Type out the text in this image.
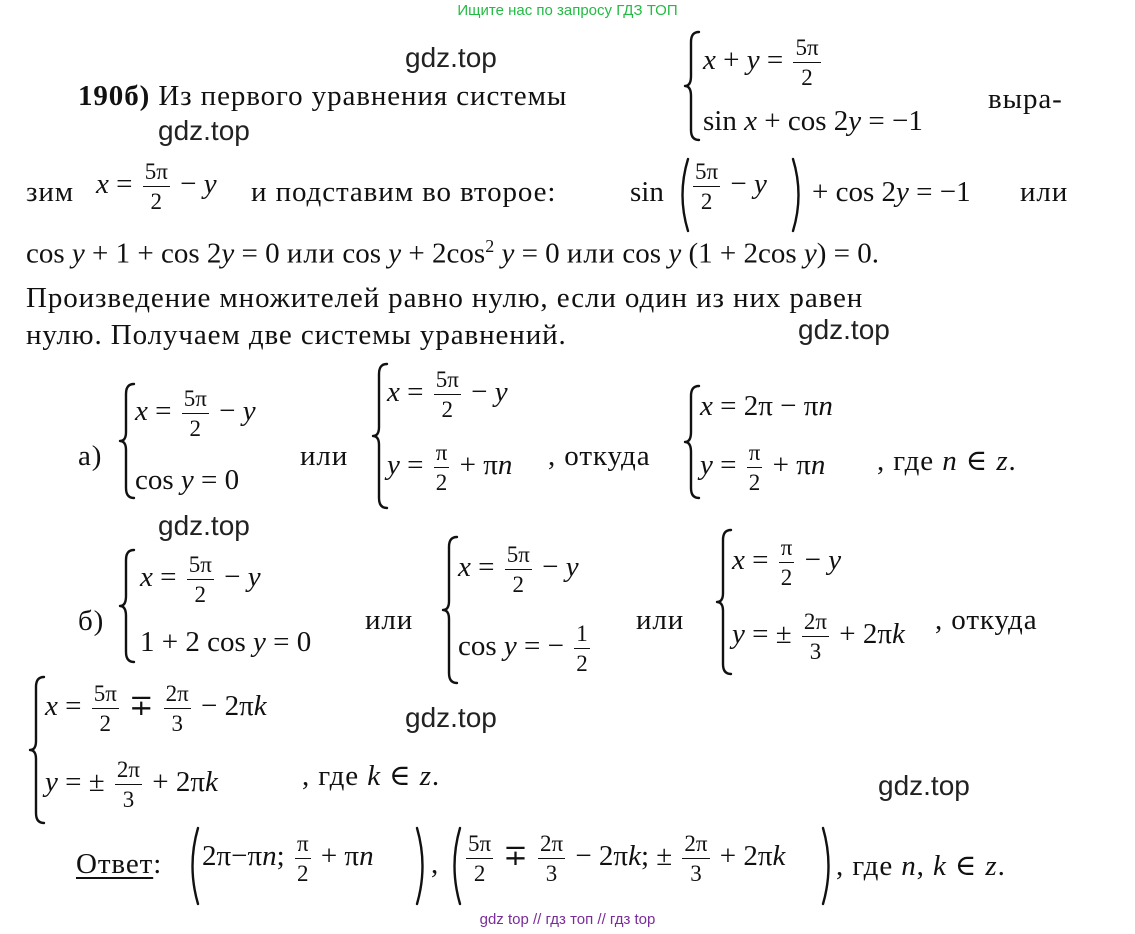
Ищите нас по запросу ГДЗ ТОП
gdz.top
gdz.top
gdz.top
gdz.top
gdz.top
gdz.top
190б) Из первого уравнения системы
$x + y = \frac{5\pi}{2}$
sin x + cos 2y = −1
выра-
зим $x = \frac{5\pi}{2} - y$ и подставим во второе:	$\sin \frac{5\pi}{2} - y + \cos 2y = -1$ или
cos y + 1 + cos 2y = 0 или $\cos y + 2\cos^2$ y = 0 или cos y (1 + 2cos y) = 0.
Произведение множителей равно нулю, если один из них равен
нулю. Получаем две системы уравнений.
а)
$x = \frac{5\pi}{2} - y$
cos y = 0
или
$x = \frac{5\pi}{2} - y$
$y = \frac{\pi}{2} + \pi n$ , откуда
x = 2π − πn
$y = \frac{\pi}{2} + \pi n$ , где n ∈ z.
б)
$x = \frac{5\pi}{2} - y$
1 + 2 cos y = 0
или
$x = \frac{5\pi}{2} - y$
cos y = − $\frac{1}{2}$
или
$x = \frac{\pi}{2} - y$
y = ± $\frac{2\pi}{3} + 2\pi k$ , откуда
$x = \frac{5\pi}{2} \mp \frac{2\pi}{3} - 2\pi k$
y = ± $\frac{2\pi}{3} + 2\pi k$	, где k ∈ z.
Ответ: 2π−πn; $\frac{\pi}{2} + \pi n$ , $\frac{5\pi}{2} \mp \frac{2\pi}{3} - 2\pi k$; ± $\frac{2\pi}{3} + 2\pi k$ , где n, k ∈ z.
gdz top // гдз топ // гдз top
